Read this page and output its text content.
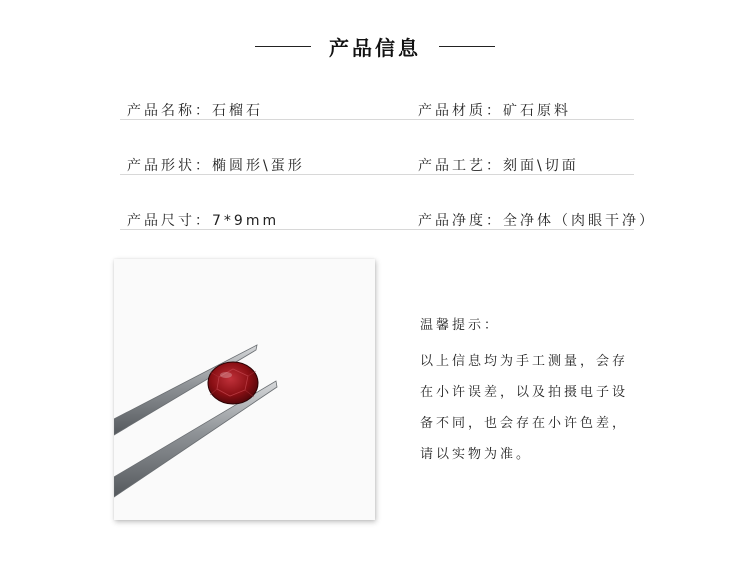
产品信息
产品名称：石榴石	产品材质：矿石原料
产品形状：椭圆形\蛋形	产品工艺：刻面\切面
产品尺寸：7*9mm	产品净度：全净体（肉眼干净）
温馨提示：
以上信息均为手工测量，会存
在小许误差，以及拍摄电子设
备不同，也会存在小许色差，
请以实物为准。
